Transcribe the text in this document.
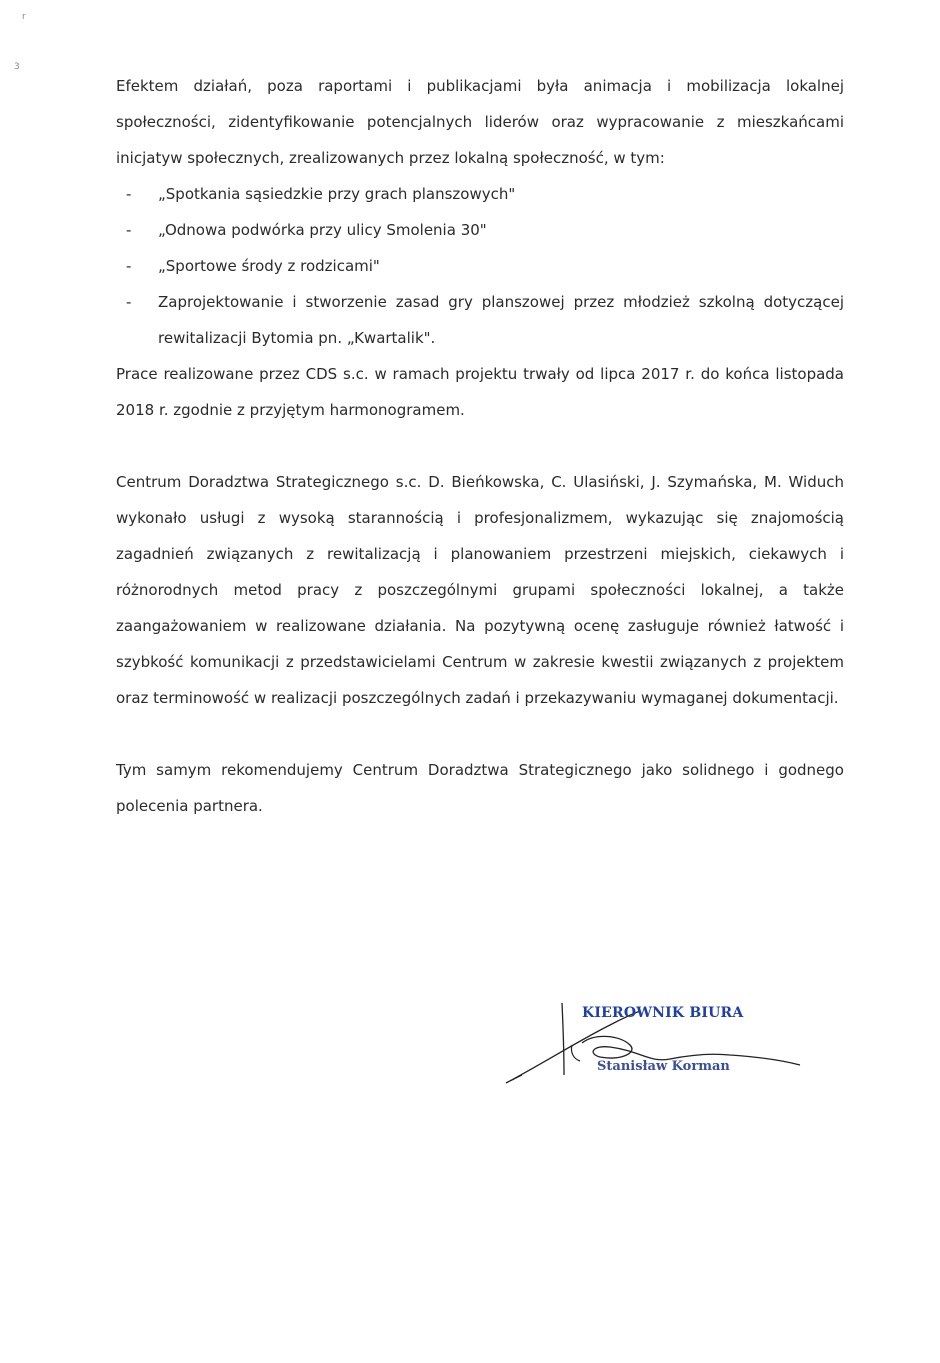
r
3

Efektem działań, poza raportami i publikacjami była animacja i mobilizacja lokalnej społeczności, zidentyfikowanie potencjalnych liderów oraz wypracowanie z mieszkańcami inicjatyw społecznych, zrealizowanych przez lokalną społeczność, w tym:

- „Spotkania sąsiedzkie przy grach planszowych"
- „Odnowa podwórka przy ulicy Smolenia 30"
- „Sportowe środy z rodzicami"
- Zaprojektowanie i stworzenie zasad gry planszowej przez młodzież szkolną dotyczącej rewitalizacji Bytomia pn. „Kwartalik".

Prace realizowane przez CDS s.c. w ramach projektu trwały od lipca 2017 r. do końca listopada 2018 r. zgodnie z przyjętym harmonogramem.

Centrum Doradztwa Strategicznego s.c. D. Bieńkowska, C. Ulasiński, J. Szymańska, M. Widuch wykonało usługi z wysoką starannością i profesjonalizmem, wykazując się znajomością zagadnień związanych z rewitalizacją i planowaniem przestrzeni miejskich, ciekawych i różnorodnych metod pracy z poszczególnymi grupami społeczności lokalnej, a także zaangażowaniem w realizowane działania. Na pozytywną ocenę zasługuje również łatwość i szybkość komunikacji z przedstawicielami Centrum w zakresie kwestii związanych z projektem oraz terminowość w realizacji poszczególnych zadań i przekazywaniu wymaganej dokumentacji.

Tym samym rekomendujemy Centrum Doradztwa Strategicznego jako solidnego i godnego polecenia partnera.

KIEROWNIK BIURA
Stanisław Korman
